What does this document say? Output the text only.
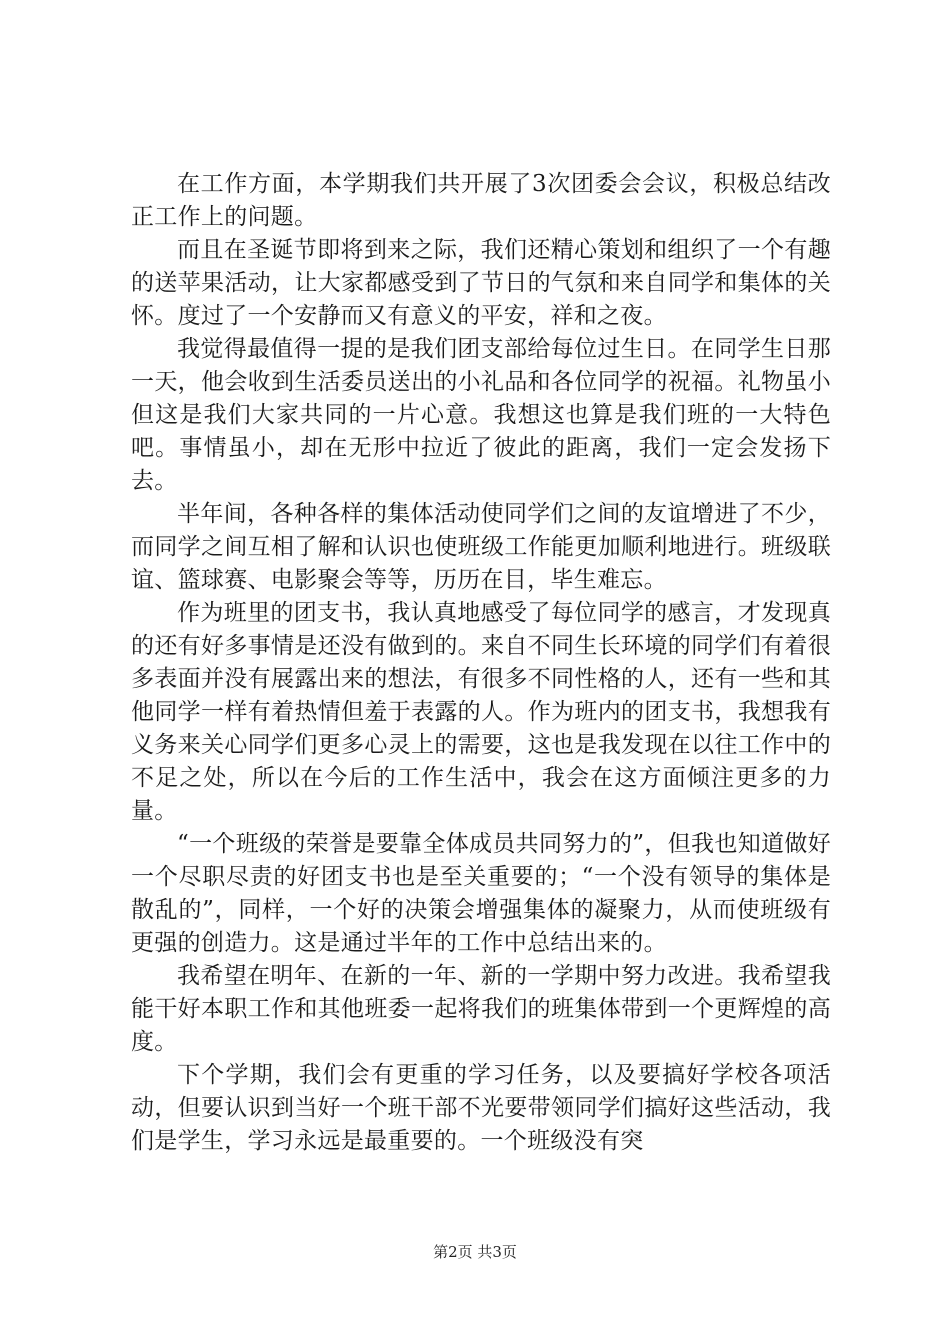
在工作方面，本学期我们共开展了3次团委会会议，积极总结改正工作上的问题。

而且在圣诞节即将到来之际，我们还精心策划和组织了一个有趣的送苹果活动，让大家都感受到了节日的气氛和来自同学和集体的关怀。度过了一个安静而又有意义的平安，祥和之夜。

我觉得最值得一提的是我们团支部给每位过生日。在同学生日那一天，他会收到生活委员送出的小礼品和各位同学的祝福。礼物虽小但这是我们大家共同的一片心意。我想这也算是我们班的一大特色吧。事情虽小，却在无形中拉近了彼此的距离，我们一定会发扬下去。

半年间，各种各样的集体活动使同学们之间的友谊增进了不少，而同学之间互相了解和认识也使班级工作能更加顺利地进行。班级联谊、篮球赛、电影聚会等等，历历在目，毕生难忘。

作为班里的团支书，我认真地感受了每位同学的感言，才发现真的还有好多事情是还没有做到的。来自不同生长环境的同学们有着很多表面并没有展露出来的想法，有很多不同性格的人，还有一些和其他同学一样有着热情但羞于表露的人。作为班内的团支书，我想我有义务来关心同学们更多心灵上的需要，这也是我发现在以往工作中的不足之处，所以在今后的工作生活中，我会在这方面倾注更多的力量。

“一个班级的荣誉是要靠全体成员共同努力的”，但我也知道做好一个尽职尽责的好团支书也是至关重要的；“一个没有领导的集体是散乱的”，同样，一个好的决策会增强集体的凝聚力，从而使班级有更强的创造力。这是通过半年的工作中总结出来的。

我希望在明年、在新的一年、新的一学期中努力改进。我希望我能干好本职工作和其他班委一起将我们的班集体带到一个更辉煌的高度。

下个学期，我们会有更重的学习任务，以及要搞好学校各项活动，但要认识到当好一个班干部不光要带领同学们搞好这些活动，我们是学生，学习永远是最重要的。一个班级没有突

第2页 共3页
